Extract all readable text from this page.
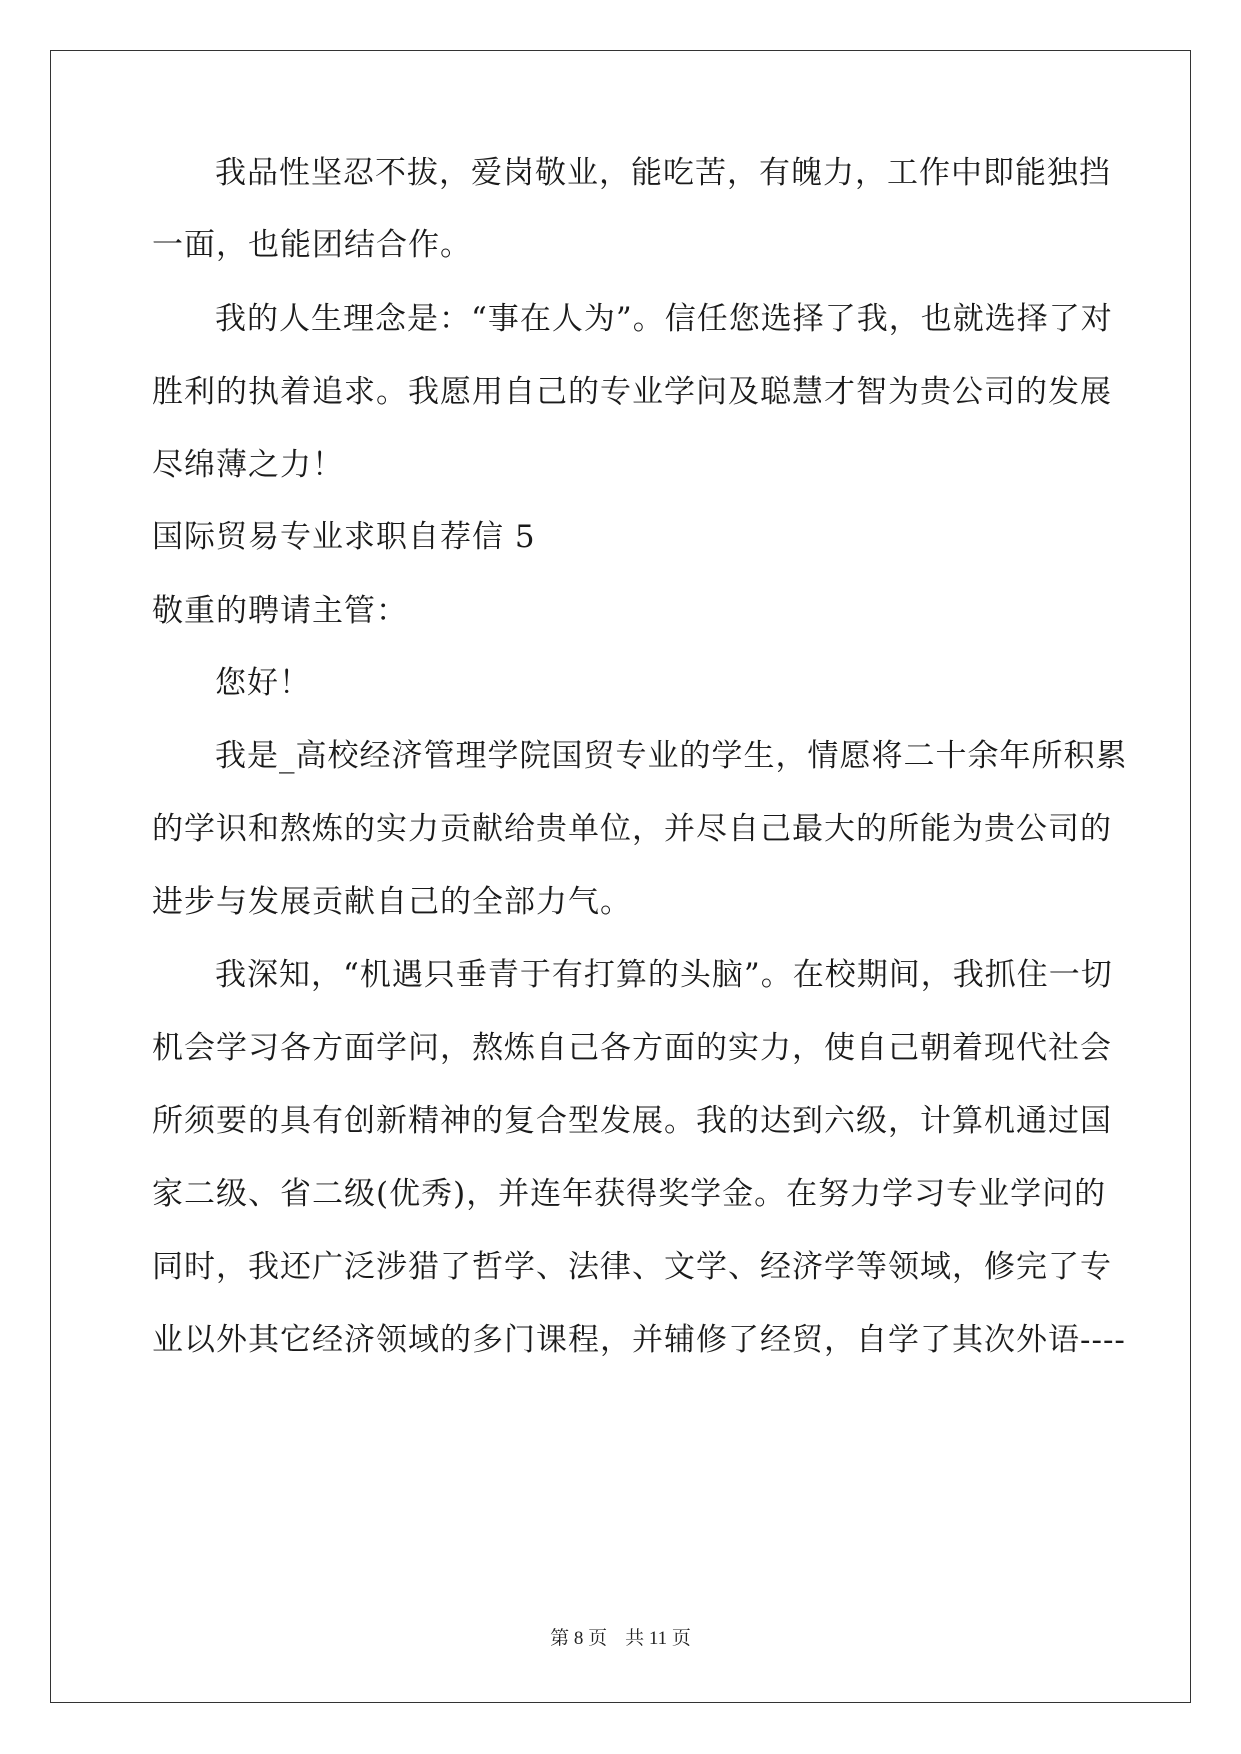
我品性坚忍不拔，爱岗敬业，能吃苦，有魄力，工作中即能独挡
一面，也能团结合作。
我的人生理念是：“事在人为”。信任您选择了我，也就选择了对
胜利的执着追求。我愿用自己的专业学问及聪慧才智为贵公司的发展
尽绵薄之力！
国际贸易专业求职自荐信 5
敬重的聘请主管：
您好！
我是_高校经济管理学院国贸专业的学生，情愿将二十余年所积累
的学识和熬炼的实力贡献给贵单位，并尽自己最大的所能为贵公司的
进步与发展贡献自己的全部力气。
我深知，“机遇只垂青于有打算的头脑”。在校期间，我抓住一切
机会学习各方面学问，熬炼自己各方面的实力，使自己朝着现代社会
所须要的具有创新精神的复合型发展。我的达到六级，计算机通过国
家二级、省二级(优秀)，并连年获得奖学金。在努力学习专业学问的
同时，我还广泛涉猎了哲学、法律、文学、经济学等领域，修完了专
业以外其它经济领域的多门课程，并辅修了经贸，自学了其次外语----
第 8 页 共 11 页
